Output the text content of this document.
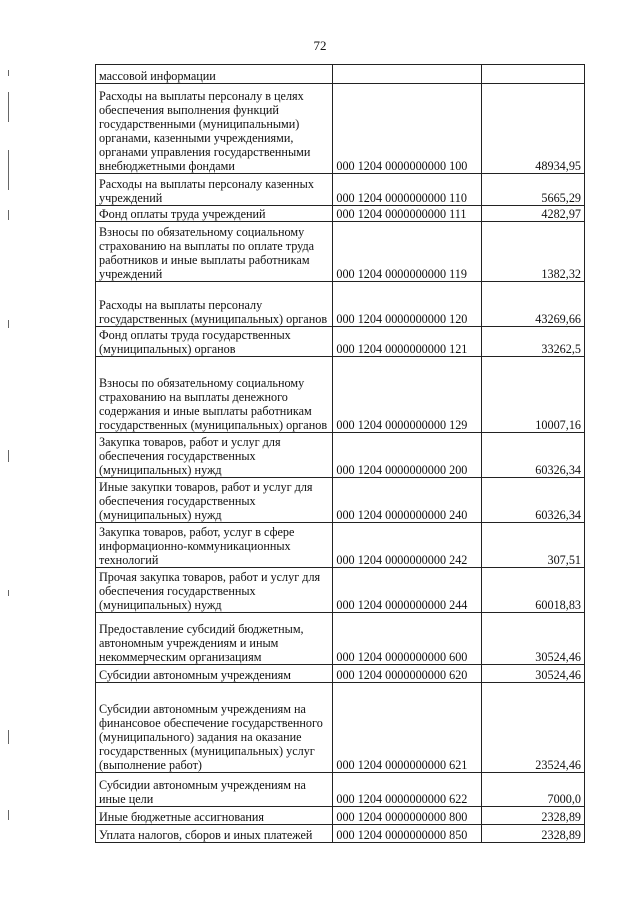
72
массовой информации		
Расходы на выплаты персоналу в целях обеспечения выполнения функций государственными (муниципальными) органами, казенными учреждениями, органами управления государственными внебюджетными фондами	000 1204 0000000000 100	48934,95
Расходы на выплаты персоналу казенных учреждений	000 1204 0000000000 110	5665,29
Фонд оплаты труда учреждений	000 1204 0000000000 111	4282,97
Взносы по обязательному социальному страхованию на выплаты по оплате труда работников и иные выплаты работникам учреждений	000 1204 0000000000 119	1382,32
Расходы на выплаты персоналу государственных (муниципальных) органов	000 1204 0000000000 120	43269,66
Фонд оплаты труда государственных (муниципальных) органов	000 1204 0000000000 121	33262,5
Взносы по обязательному социальному страхованию на выплаты денежного содержания и иные выплаты работникам государственных (муниципальных) органов	000 1204 0000000000 129	10007,16
Закупка товаров, работ и услуг для обеспечения государственных (муниципальных) нужд	000 1204 0000000000 200	60326,34
Иные закупки товаров, работ и услуг для обеспечения государственных (муниципальных) нужд	000 1204 0000000000 240	60326,34
Закупка товаров, работ, услуг в сфере информационно-коммуникационных технологий	000 1204 0000000000 242	307,51
Прочая закупка товаров, работ и услуг для обеспечения государственных (муниципальных) нужд	000 1204 0000000000 244	60018,83
Предоставление субсидий бюджетным, автономным учреждениям и иным некоммерческим организациям	000 1204 0000000000 600	30524,46
Субсидии автономным учреждениям	000 1204 0000000000 620	30524,46
Субсидии автономным учреждениям на финансовое обеспечение государственного (муниципального) задания на оказание государственных (муниципальных) услуг (выполнение работ)	000 1204 0000000000 621	23524,46
Субсидии автономным учреждениям на иные цели	000 1204 0000000000 622	7000,0
Иные бюджетные ассигнования	000 1204 0000000000 800	2328,89
Уплата налогов, сборов и иных платежей	000 1204 0000000000 850	2328,89
